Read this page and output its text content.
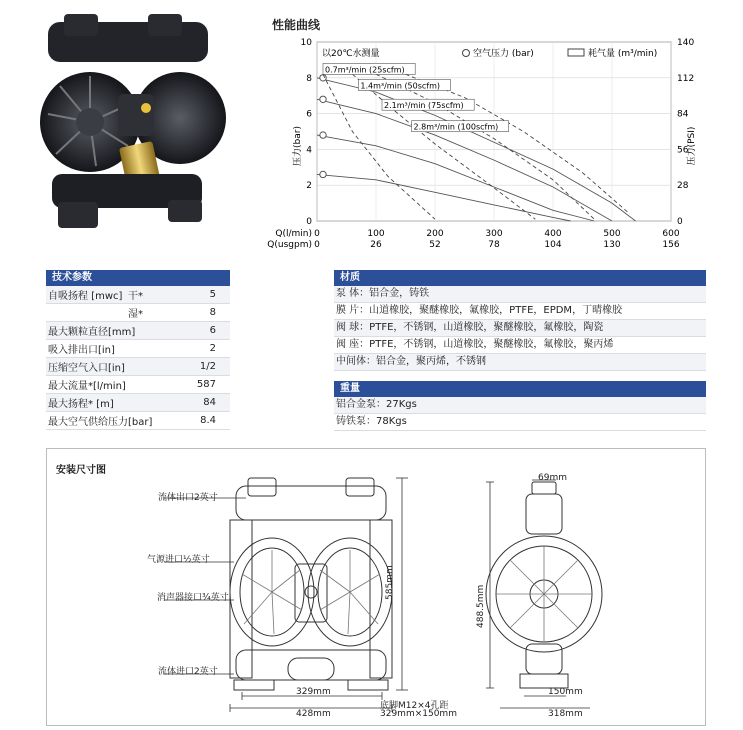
性能曲线
0.7m³/min (25scfm)
1.4m³/min (50scfm)
2.1m³/min (75scfm)
2.8m³/min (100scfm)
0	0
2	28
4	56
6	84
8	112
10	140
0
0
100
26
200
52
300
78
400
104
500
130
600
156
以20℃水测量	空气压力 (bar)	耗气量 (m³/min)
压力(bar)	压力(PSI)
Q(l/min)
Q(usgpm)
技术参数
自吸扬程 [mwc] 干*	5
湿*	8
最大颗粒直径[mm]	6
吸入排出口[in]	2
压缩空气入口[in]	1/2
最大流量*[l/min]	587
最大扬程* [m]	84
最大空气供给压力[bar]	8.4
材质
泵 体：铝合金，铸铁
膜 片：山道橡胶，聚醚橡胶，氟橡胶，PTFE，EPDM，丁晴橡胶
阀 球：PTFE，不锈钢，山道橡胶，聚醚橡胶，氟橡胶，陶瓷
阀 座：PTFE，不锈钢，山道橡胶，聚醚橡胶，氟橡胶，聚丙烯
中间体：铝合金，聚丙烯，不锈钢
重量
铝合金泵：27Kgs
铸铁泵：78Kgs
安装尺寸图
流体出口2英寸
气源进口½英寸
消声器接口¾英寸
流体进口2英寸
585mm
329mm
428mm
底脚M12×4孔距
329mm×150mm
69mm
488.5mm
150mm
318mm
